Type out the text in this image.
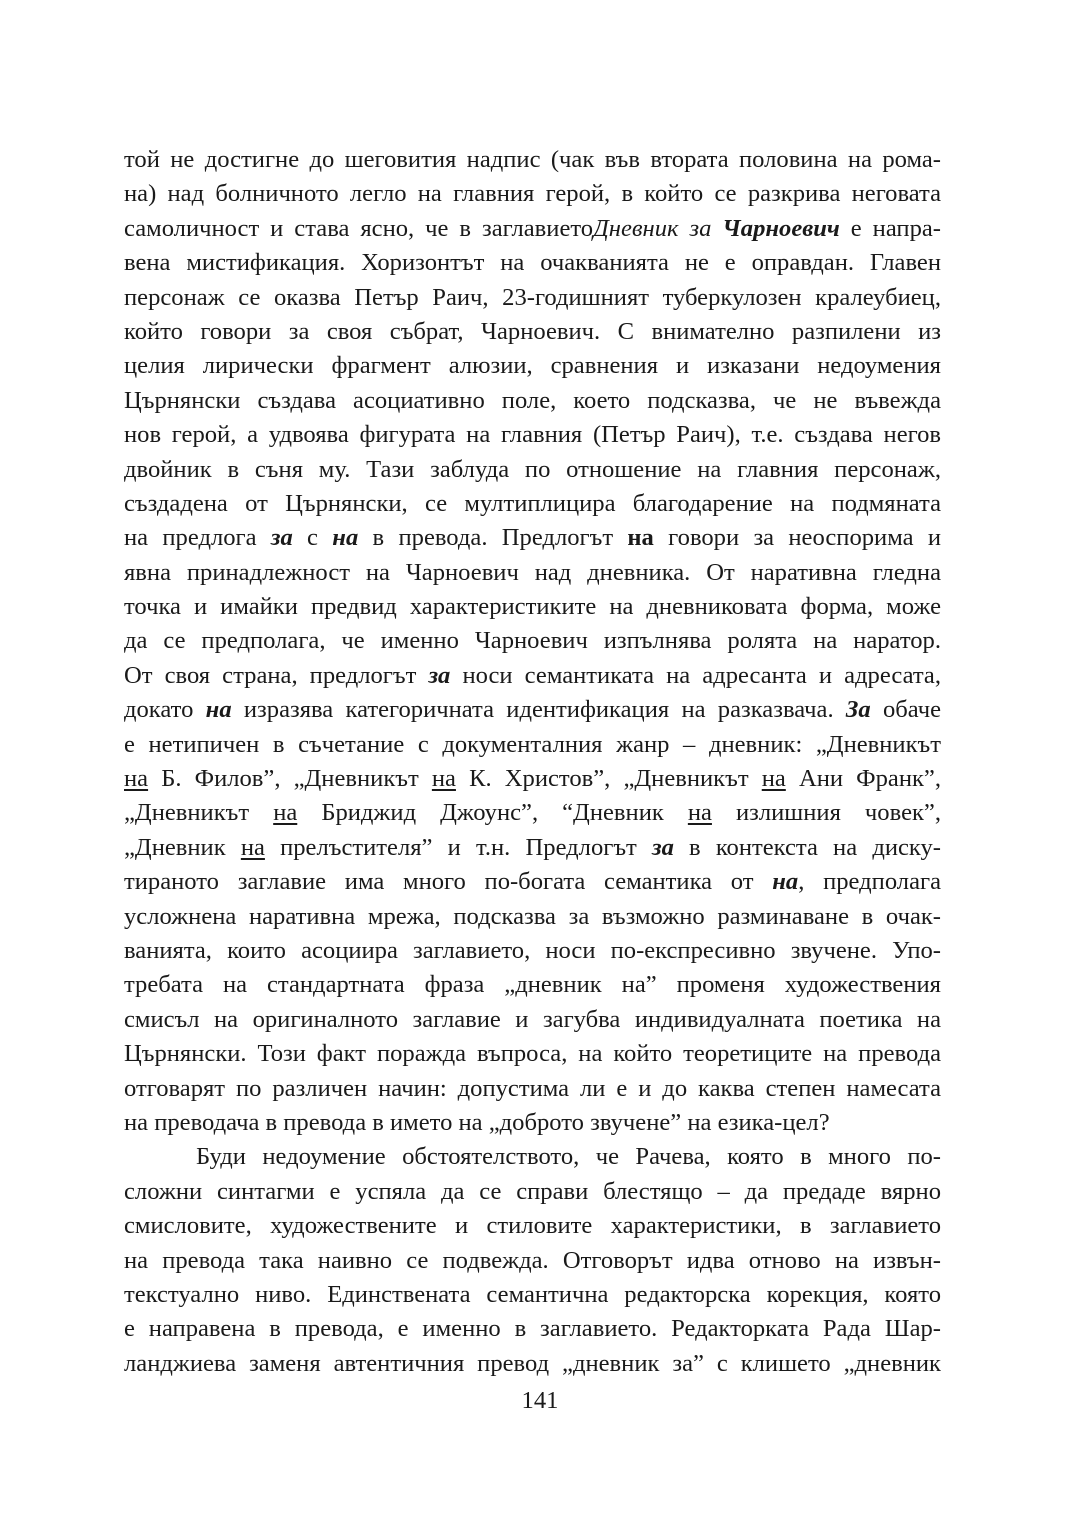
той не достигне до шеговития надпис (чак във втората половина на рома-
на) над болничното легло на главния герой, в който се разкрива неговата
самоличност и става ясно, че в заглавиетоДневник за Чарноевич е напра-
вена мистификация. Хоризонтът на очакванията не е оправдан. Главен
персонаж се оказва Петър Раич, 23-годишният туберкулозен кралеубиец,
който говори за своя събрат, Чарноевич. С внимателно разпилени из
целия лирически фрагмент алюзии, сравнения и изказани недоумения
Църнянски създава асоциативно поле, което подсказва, че не въвежда
нов герой, а удвоява фигурата на главния (Петър Раич), т.е. създава негов
двойник в съня му. Тази заблуда по отношение на главния персонаж,
създадена от Църнянски, се мултиплицира благодарение на подмяната
на предлога за с на в превода. Предлогът на говори за неоспорима и
явна принадлежност на Чарноевич над дневника. От наративна гледна
точка и имайки предвид характеристиките на дневниковата форма, може
да се предполага, че именно Чарноевич изпълнява ролята на наратор.
От своя страна, предлогът за носи семантиката на адресанта и адресата,
докато на изразява категоричната идентификация на разказвача. За обаче
е нетипичен в съчетание с документалния жанр – дневник: „Дневникът
на Б. Филов”, „Дневникът на К. Христов”, „Дневникът на Ани Франк”,
„Дневникът на Бриджид Джоунс”, “Дневник на излишния човек”,
„Дневник на прелъстителя” и т.н. Предлогът за в контекста на диску-
тираното заглавие има много по-богата семантика от на, предполага
усложнена наративна мрежа, подсказва за възможно разминаване в очак-
ванията, които асоциира заглавието, носи по-експресивно звучене. Упо-
требата на стандартната фраза „дневник на” променя художествения
смисъл на оригиналното заглавие и загубва индивидуалната поетика на
Църнянски. Този факт поражда въпроса, на който теоретиците на превода
отговарят по различен начин: допустима ли е и до каква степен намесата
на преводача в превода в името на „доброто звучене” на езика-цел?
Буди недоумение обстоятелството, че Рачева, която в много по-
сложни синтагми е успяла да се справи блестящо – да предаде вярно
смисловите, художествените и стиловите характеристики, в заглавието
на превода така наивно се подвежда. Отговорът идва отново на извън-
текстуално ниво. Единствената семантична редакторска корекция, която
е направена в превода, е именно в заглавието. Редакторката Рада Шар-
ланджиева заменя автентичния превод „дневник за” с клишето „дневник
141
